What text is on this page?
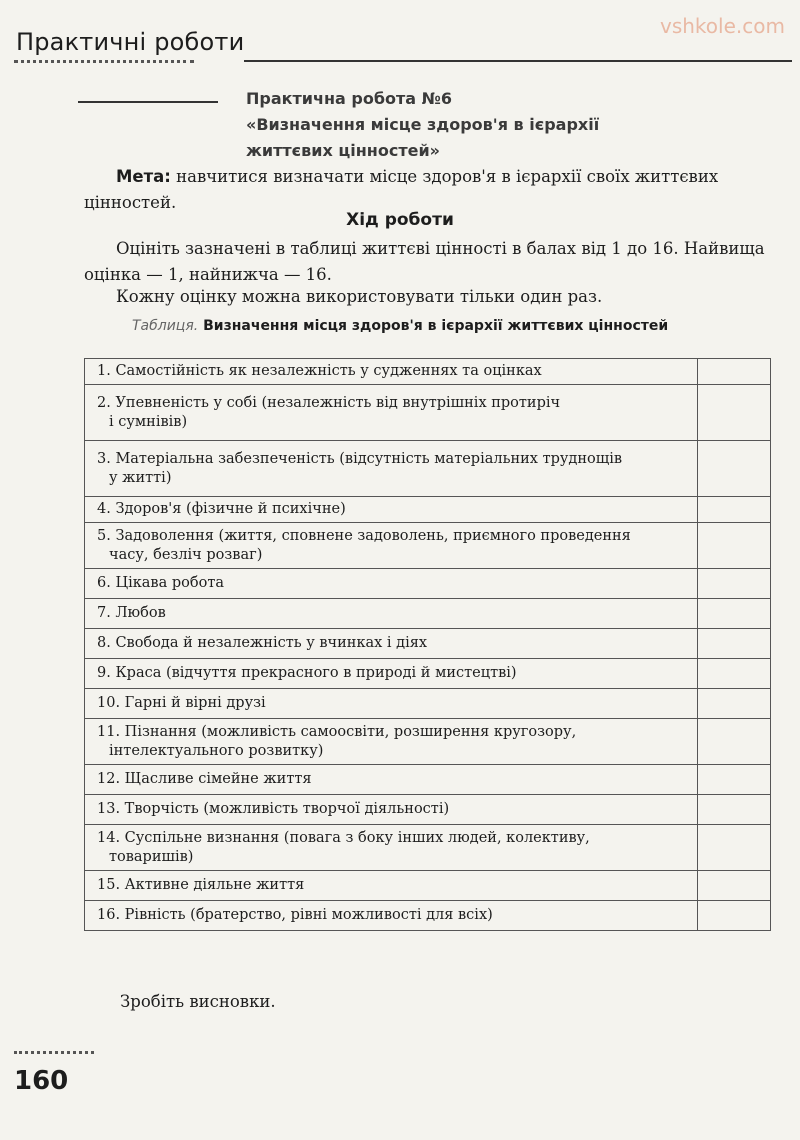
Практичні роботи
vshkole.com
Практична робота №6
«Визначення місце здоров'я в ієрархії
життєвих цінностей»
Мета: навчитися визначати місце здоров'я в ієрархії своїх життєвих цінностей.
Хід роботи
Оцініть зазначені в таблиці життєві цінності в балах від 1 до 16. Найвища оцінка — 1, найнижча — 16.
Кожну оцінку можна використовувати тільки один раз.
Таблиця. Визначення місця здоров'я в ієрархії життєвих цінностей
1. Самостійність як незалежність у судженнях та оцінках	
2. Упевненість у собі (незалежність від внутрішніх протиріч
і сумнівів)	

3. Матеріальна забезпеченість (відсутність матеріальних труднощів
у житті)	

4. Здоров'я (фізичне й психічне)	
5. Задоволення (життя, сповнене задоволень, приємного проведення
часу, безліч розваг)	

6. Цікава робота	
7. Любов	
8. Свобода й незалежність у вчинках і діях	
9. Краса (відчуття прекрасного в природі й мистецтві)	
10. Гарні й вірні друзі	
11. Пізнання (можливість самоосвіти, розширення кругозору,
інтелектуального розвитку)	

12. Щасливе сімейне життя	
13. Творчість (можливість творчої діяльності)	
14. Суспільне визнання (повага з боку інших людей, колективу,
товаришів)	

15. Активне діяльне життя	
16. Рівність (братерство, рівні можливості для всіх)	
Зробіть висновки.
160
